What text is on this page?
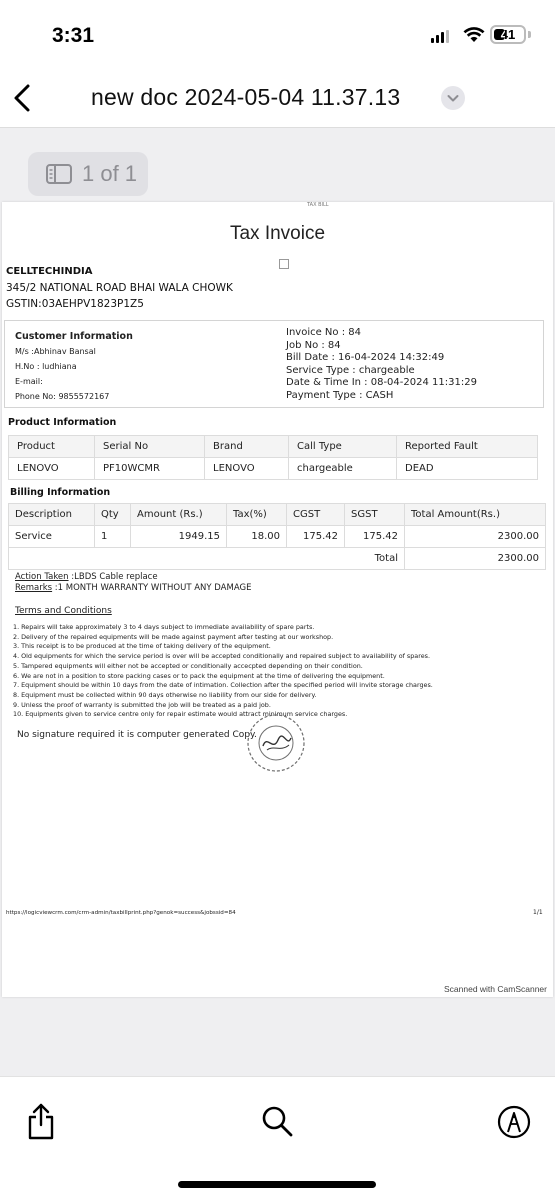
3:31	41
new doc 2024-05-04 11.37.13
1 of 1
TAX BILL
Tax Invoice
CELLTECHINDIA
345/2 NATIONAL ROAD BHAI WALA CHOWK
GSTIN:03AEHPV1823P1Z5
Customer Information
M/s :Abhinav Bansal
H.No : ludhiana
E-mail:
Phone No: 9855572167
Invoice No : 84
Job No : 84
Bill Date : 16-04-2024 14:32:49
Service Type : chargeable
Date & Time In : 08-04-2024 11:31:29
Payment Type : CASH
Product Information
Product	Serial No	Brand	Call Type	Reported Fault
LENOVO	PF10WCMR	LENOVO	chargeable	DEAD
Billing Information
Description	Qty	Amount (Rs.)	Tax(%)	CGST	SGST	Total Amount(Rs.)
Service	1	1949.15	18.00	175.42	175.42	2300.00
Total						2300.00
Action Taken :LBDS Cable replace
Remarks :1 MONTH WARRANTY WITHOUT ANY DAMAGE
Terms and Conditions
1. Repairs will take approximately 3 to 4 days subject to immediate availability of spare parts.
2. Delivery of the repaired equipments will be made against payment after testing at our workshop.
3. This receipt is to be produced at the time of taking delivery of the equipment.
4. Old equipments for which the service period is over will be accepted conditionally and repaired subject to availability of spares.
5. Tampered equipments will either not be accepted or conditionally accecpted depending on their condition.
6. We are not in a position to store packing cases or to pack the equipment at the time of delivering the equipment.
7. Equipment should be within 10 days from the date of intimation. Collection after the specified period will invite storage charges.
8. Equipment must be collected within 90 days otherwise no liability from our side for delivery.
9. Unless the proof of warranty is submitted the job will be treated as a paid job.
10. Equipments given to service centre only for repair estimate would attract minimum service charges.
No signature required it is computer generated Copy.
https://logicviewcrm.com/crm-admin/taxbillprint.php?genok=success&jobssid=84	1/1
Scanned with CamScanner
